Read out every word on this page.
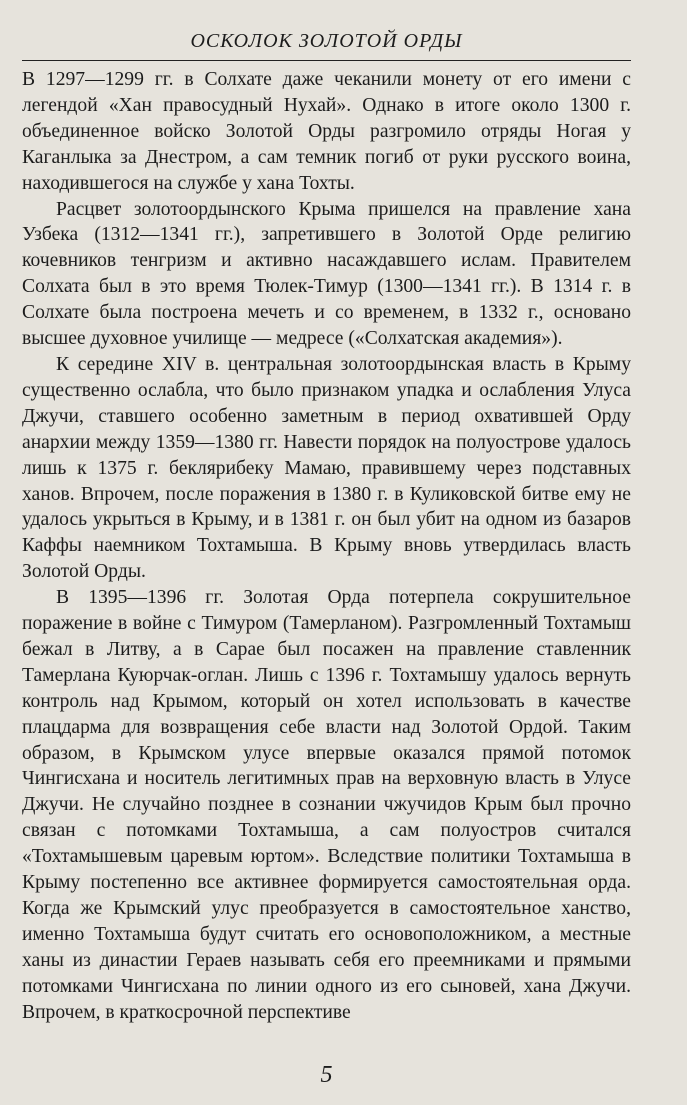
ОСКОЛОК ЗОЛОТОЙ ОРДЫ

В 1297—1299 гг. в Солхате даже чеканили монету от его имени с легендой «Хан правосудный Нухай». Однако в итоге около 1300 г. объединенное войско Золотой Орды разгромило отряды Ногая у Каганлыка за Днестром, а сам темник погиб от руки русского воина, находившегося на службе у хана Тохты.

Расцвет золотоордынского Крыма пришелся на правление хана Узбека (1312—1341 гг.), запретившего в Золотой Орде религию кочевников тенгризм и активно насаждавшего ислам. Правителем Солхата был в это время Тюлек-Тимур (1300—1341 гг.). В 1314 г. в Солхате была построена мечеть и со временем, в 1332 г., основано высшее духовное училище — медресе («Солхатская академия»).

К середине XIV в. центральная золотоордынская власть в Крыму существенно ослабла, что было признаком упадка и ослабления Улуса Джучи, ставшего особенно заметным в период охватившей Орду анархии между 1359—1380 гг. Навести порядок на полуострове удалось лишь к 1375 г. беклярибеку Мамаю, правившему через подставных ханов. Впрочем, после поражения в 1380 г. в Куликовской битве ему не удалось укрыться в Крыму, и в 1381 г. он был убит на одном из базаров Каффы наемником Тохтамыша. В Крыму вновь утвердилась власть Золотой Орды.

В 1395—1396 гг. Золотая Орда потерпела сокрушительное поражение в войне с Тимуром (Тамерланом). Разгромленный Тохтамыш бежал в Литву, а в Сарае был посажен на правление ставленник Тамерлана Куюрчак-оглан. Лишь с 1396 г. Тохтамышу удалось вернуть контроль над Крымом, который он хотел использовать в качестве плацдарма для возвращения себе власти над Золотой Ордой. Таким образом, в Крымском улусе впервые оказался прямой потомок Чингисхана и носитель легитимных прав на верховную власть в Улусе Джучи. Не случайно позднее в сознании чжучидов Крым был прочно связан с потомками Тохтамыша, а сам полуостров считался «Тохтамышевым царевым юртом». Вследствие политики Тохтамыша в Крыму постепенно все активнее формируется самостоятельная орда. Когда же Крымский улус преобразуется в самостоятельное ханство, именно Тохтамыша будут считать его основоположником, а местные ханы из династии Гераев называть себя его преемниками и прямыми потомками Чингисхана по линии одного из его сыновей, хана Джучи. Впрочем, в краткосрочной перспективе

5
